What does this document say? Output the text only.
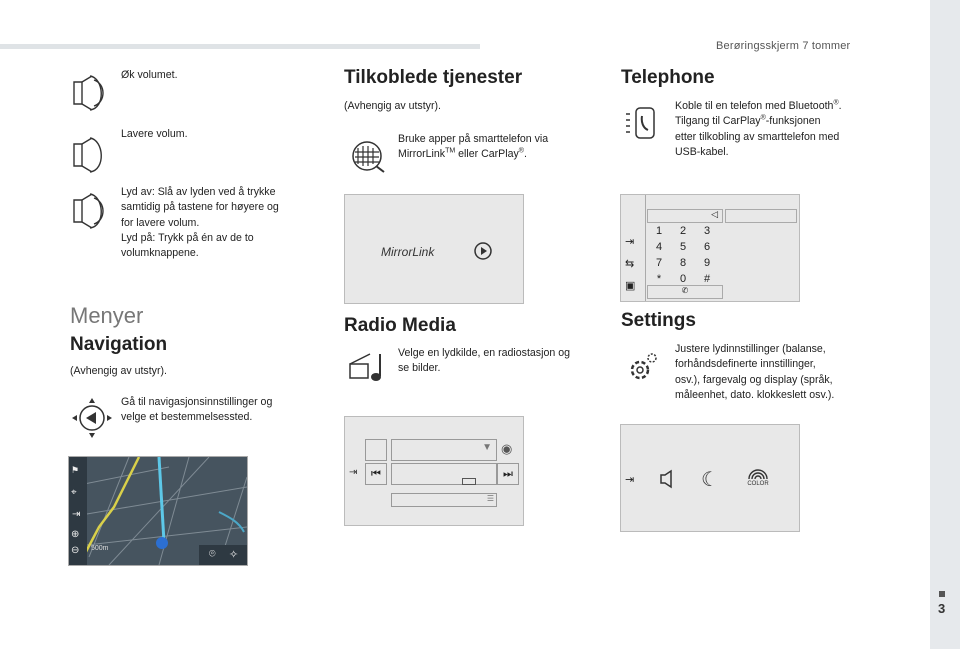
Berøringsskjerm 7 tommer
3
Øk volumet.
Lavere volum.
Lyd av: Slå av lyden ved å trykke
samtidig på tastene for høyere og
for lavere volum.
Lyd på: Trykk på én av de to
volumknappene.
Menyer
Navigation
(Avhengig av utstyr).
Gå til navigasjonsinnstillinger og
velge et bestemmelsessted.
⚑
⌖
⇥
⊕
⊖ 500m	⌾ ✧
Tilkoblede tjenester
(Avhengig av utstyr).
Bruke apper på smarttelefon via
MirrorLink™ eller CarPlay®.
MirrorLink
Radio Media
Velge en lydkilde, en radiostasjon og
se bilder.
▼ ◉
⇥	⏮	⏭
☰
Telephone
Koble til en telefon med Bluetooth®.
Tilgang til CarPlay®-funksjonen
etter tilkobling av smarttelefon med
USB-kabel.
⇥
⇆
▣
◁
1 2 3
4 5 6
7 8 9
* 0 #
✆
Settings
Justere lydinnstillinger (balanse,
forhåndsdefinerte innstillinger,
osv.), fargevalg og display (språk,
måleenhet, dato. klokkeslett osv.).
⇥	☾	COLOR
